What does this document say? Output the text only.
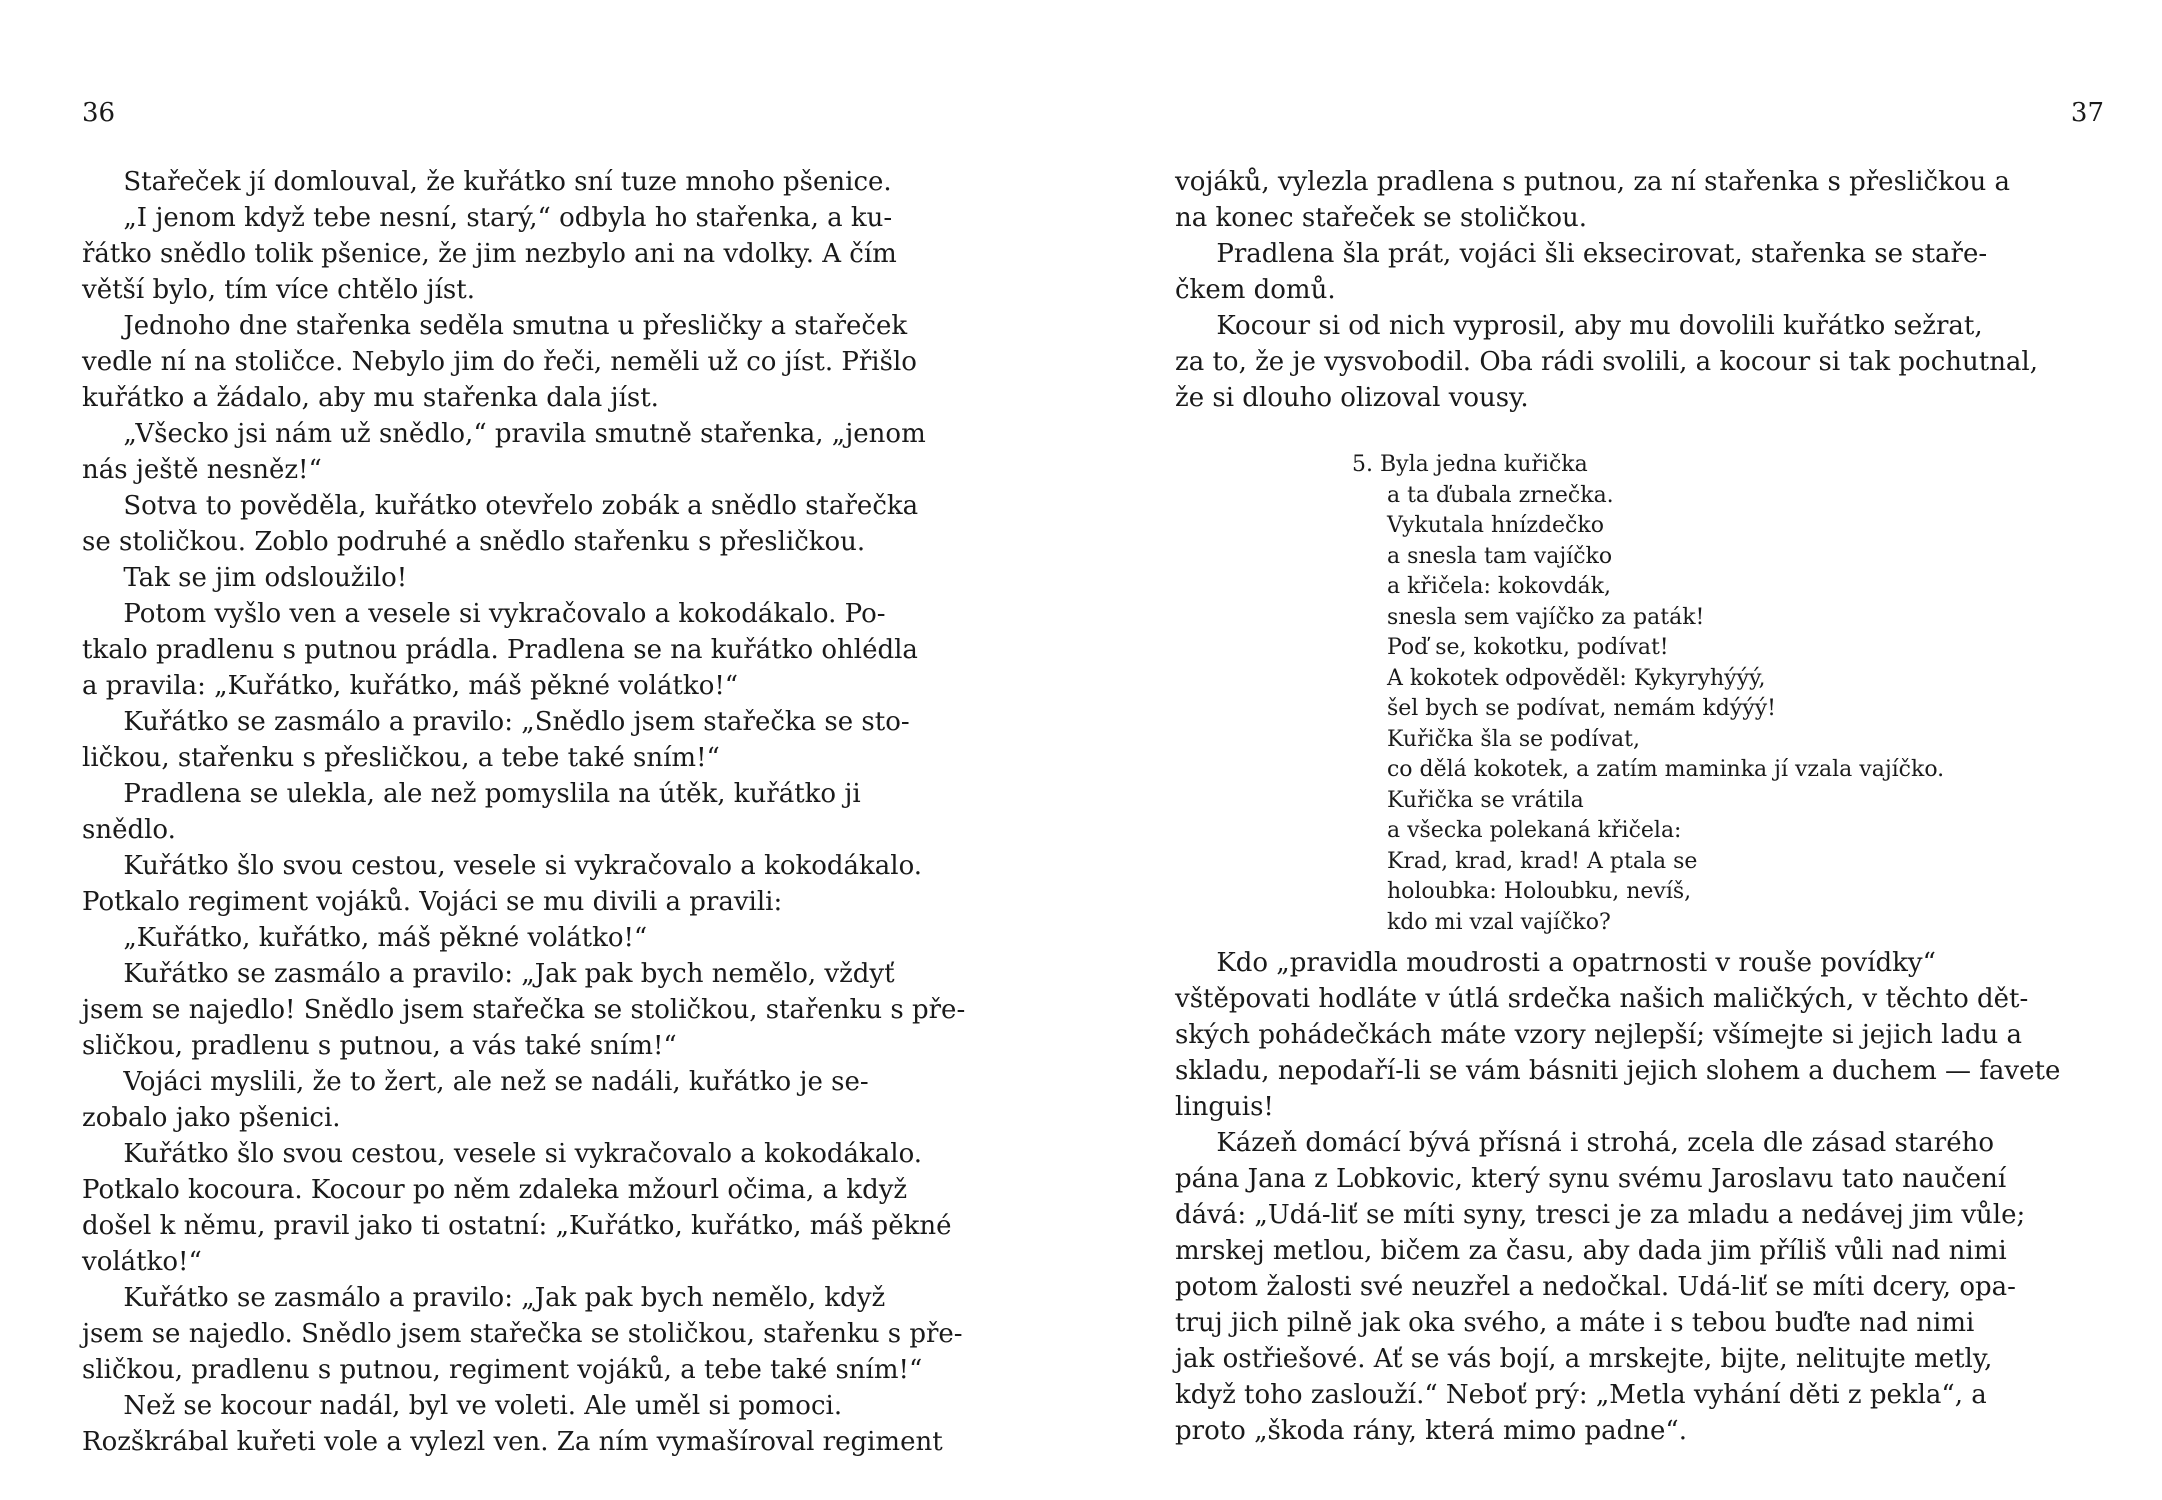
36
Stařeček jí domlouval, že kuřátko sní tuze mnoho pšenice.
„I jenom když tebe nesní, starý,“ odbyla ho stařenka, a ku-
řátko snědlo tolik pšenice, že jim nezbylo ani na vdolky. A čím
větší bylo, tím více chtělo jíst.
Jednoho dne stařenka seděla smutna u přesličky a stařeček
vedle ní na stoličce. Nebylo jim do řeči, neměli už co jíst. Přišlo
kuřátko a žádalo, aby mu stařenka dala jíst.
„Všecko jsi nám už snědlo,“ pravila smutně stařenka, „jenom
nás ještě nesněz!“
Sotva to pověděla, kuřátko otevřelo zobák a snědlo stařečka
se stoličkou. Zoblo podruhé a snědlo stařenku s přesličkou.
Tak se jim odsloužilo!
Potom vyšlo ven a vesele si vykračovalo a kokodákalo. Po-
tkalo pradlenu s putnou prádla. Pradlena se na kuřátko ohlédla
a pravila: „Kuřátko, kuřátko, máš pěkné volátko!“
Kuřátko se zasmálo a pravilo: „Snědlo jsem stařečka se sto-
ličkou, stařenku s přesličkou, a tebe také sním!“
Pradlena se ulekla, ale než pomyslila na útěk, kuřátko ji
snědlo.
Kuřátko šlo svou cestou, vesele si vykračovalo a kokodákalo.
Potkalo regiment vojáků. Vojáci se mu divili a pravili:
„Kuřátko, kuřátko, máš pěkné volátko!“
Kuřátko se zasmálo a pravilo: „Jak pak bych nemělo, vždyť
jsem se najedlo! Snědlo jsem stařečka se stoličkou, stařenku s pře-
sličkou, pradlenu s putnou, a vás také sním!“
Vojáci myslili, že to žert, ale než se nadáli, kuřátko je se-
zobalo jako pšenici.
Kuřátko šlo svou cestou, vesele si vykračovalo a kokodákalo.
Potkalo kocoura. Kocour po něm zdaleka mžourl očima, a když
došel k němu, pravil jako ti ostatní: „Kuřátko, kuřátko, máš pěkné
volátko!“
Kuřátko se zasmálo a pravilo: „Jak pak bych nemělo, když
jsem se najedlo. Snědlo jsem stařečka se stoličkou, stařenku s pře-
sličkou, pradlenu s putnou, regiment vojáků, a tebe také sním!“
Než se kocour nadál, byl ve voleti. Ale uměl si pomoci.
Rozškrábal kuřeti vole a vylezl ven. Za ním vymašíroval regiment
37
vojáků, vylezla pradlena s putnou, za ní stařenka s přesličkou a
na konec stařeček se stoličkou.
Pradlena šla prát, vojáci šli eksecirovat, stařenka se staře-
čkem domů.
Kocour si od nich vyprosil, aby mu dovolili kuřátko sežrat,
za to, že je vysvobodil. Oba rádi svolili, a kocour si tak pochutnal,
že si dlouho olizoval vousy.
5. Byla jedna kuřička
a ta ďubala zrnečka.
Vykutala hnízdečko
a snesla tam vajíčko
a křičela: kokovdák,
snesla sem vajíčko za paták!
Poď se, kokotku, podívat!
A kokotek odpověděl: Kykyryhýýý,
šel bych se podívat, nemám kdýýý!
Kuřička šla se podívat,
co dělá kokotek, a zatím maminka jí vzala vajíčko.
Kuřička se vrátila
a všecka polekaná křičela:
Krad, krad, krad! A ptala se
holoubka: Holoubku, nevíš,
kdo mi vzal vajíčko?
Kdo „pravidla moudrosti a opatrnosti v rouše povídky“
vštěpovati hodláte v útlá srdečka našich maličkých, v těchto dět-
ských pohádečkách máte vzory nejlepší; všímejte si jejich ladu a
skladu, nepodaří-li se vám básniti jejich slohem a duchem — favete
linguis!
Kázeň domácí bývá přísná i strohá, zcela dle zásad starého
pána Jana z Lobkovic, který synu svému Jaroslavu tato naučení
dává: „Udá-liť se míti syny, tresci je za mladu a nedávej jim vůle;
mrskej metlou, bičem za času, aby dada jim příliš vůli nad nimi
potom žalosti své neuzřel a nedočkal. Udá-liť se míti dcery, opa-
truj jich pilně jak oka svého, a máte i s tebou buďte nad nimi
jak ostřiešové. Ať se vás bojí, a mrskejte, bijte, nelitujte metly,
když toho zaslouží.“ Neboť prý: „Metla vyhání děti z pekla“, a
proto „škoda rány, která mimo padne“.
